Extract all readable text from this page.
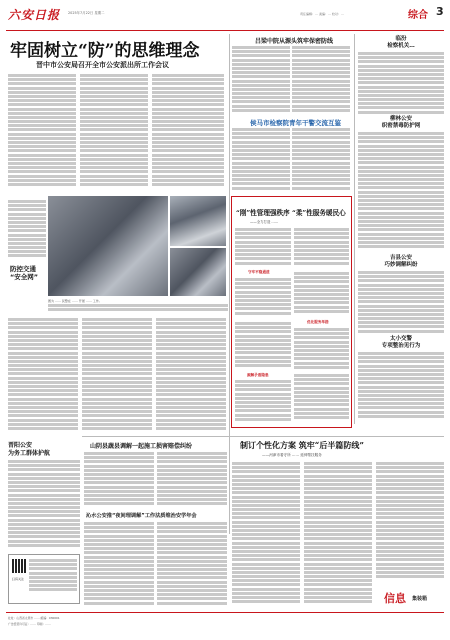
六安日报 2025年7月22日 星期二	责任编辑：… 美编：… 校对：…	综合 3
牢固树立“防”的思维理念
晋中市公安局召开全市公安派出所工作会议
防控交通
“安全网”
图为 …… 民警在 …… 开展 …… 工作。
吕梁中院从源头筑牢保密防线
侯马市检察院青年干警交流互鉴
临汾
检察机关…
柳林公安
织密禁毒防护网
吉县公安
巧妙调解纠纷
太小交警
专项整治见行为
“刚”性管理强秩序 “柔”性服务暖民心
——全力打造 ……
守牢平稳通道
优化服务举措
源解矛盾隐患
晋阳公安
为务工群体护航
扫码关注
山阴县蔬县调解一起施工损害赔偿纠纷
沁水公安推“夜间理调解”工作法质维治安学年会
制订个性化方案 筑牢“后半篇防线”
——河津市看守所 …… 延伸帮扶服务
信息 集装箱
社址：山西省太原市 …… 邮编：030001
广告经营许可证：…… 印刷：……
